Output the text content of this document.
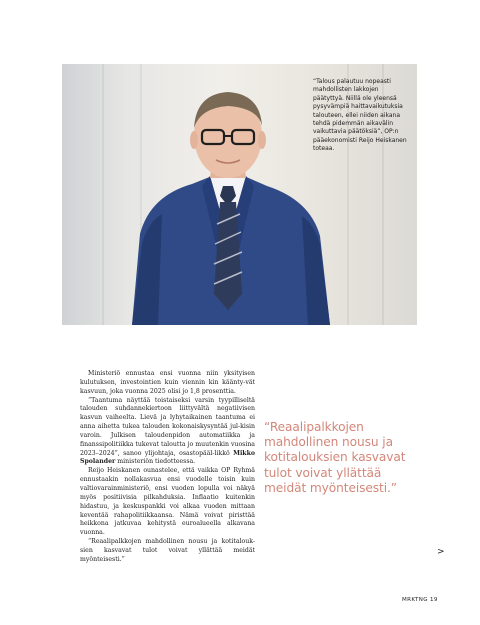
“Talous palautuu nopeasti mahdollisten lakkojen päätyttyä. Niillä ole yleensä pysyvämpiä haittavaikutuksia talouteen, ellei niiden aikana tehdä pidemmän aikavälin vaikuttavia päätöksiä”, OP:n pääekonomisti Reijo Heiskanen toteaa.

Ministeriö ennustaa ensi vuonna niin yksityisen kulutuksen, investointien kuin viennin kin käänty-vät kasvuun, joka vuonna 2025 olisi jo 1,8 prosenttia.

“Taantuma näyttää toistaiseksi varsin tyypilliseltä talouden suhdannekiertoon liittyvältä negatiivisen kasvun vaiheelta. Lievä ja lyhytaikainen taantuma ei anna aihetta tukea talouden kokonaiskysyntää jul-kisin varoin. Julkisen taloudenpidon automatiikka ja finanssipolitiikka tukevat taloutta jo muutenkin vuosina 2023–2024”, sanoo ylijohtaja, osastopääl-likkö Mikko Spolander ministeriön tiedotteessa.

Reijo Heiskanen ounastelee, että vaikka OP Ryhmä ennustaakin nollakasvua ensi vuodelle toisin kuin valtiovarainministeriö, ensi vuoden lopulla voi näkyä myös positiivisia pilkahduksia. Inflaatio kuitenkin hidastuu, ja keskuspankki voi alkaa vuoden mittaan keventää rahapolitiikkaansa. Nämä voivat piristtää heikkona jatkuvaa kehitystä euroalueella alkavana vuonna.

“Reaalipalkkojen mahdollinen nousu ja kotitalouk-sien kasvavat tulot voivat yllättää meidät myönteisesti.”

“Reaalipalkkojen mahdollinen nousu ja kotitalouksien kasvavat tulot voivat yllättää meidät myönteisesti.”
>
MRKTNG 19
